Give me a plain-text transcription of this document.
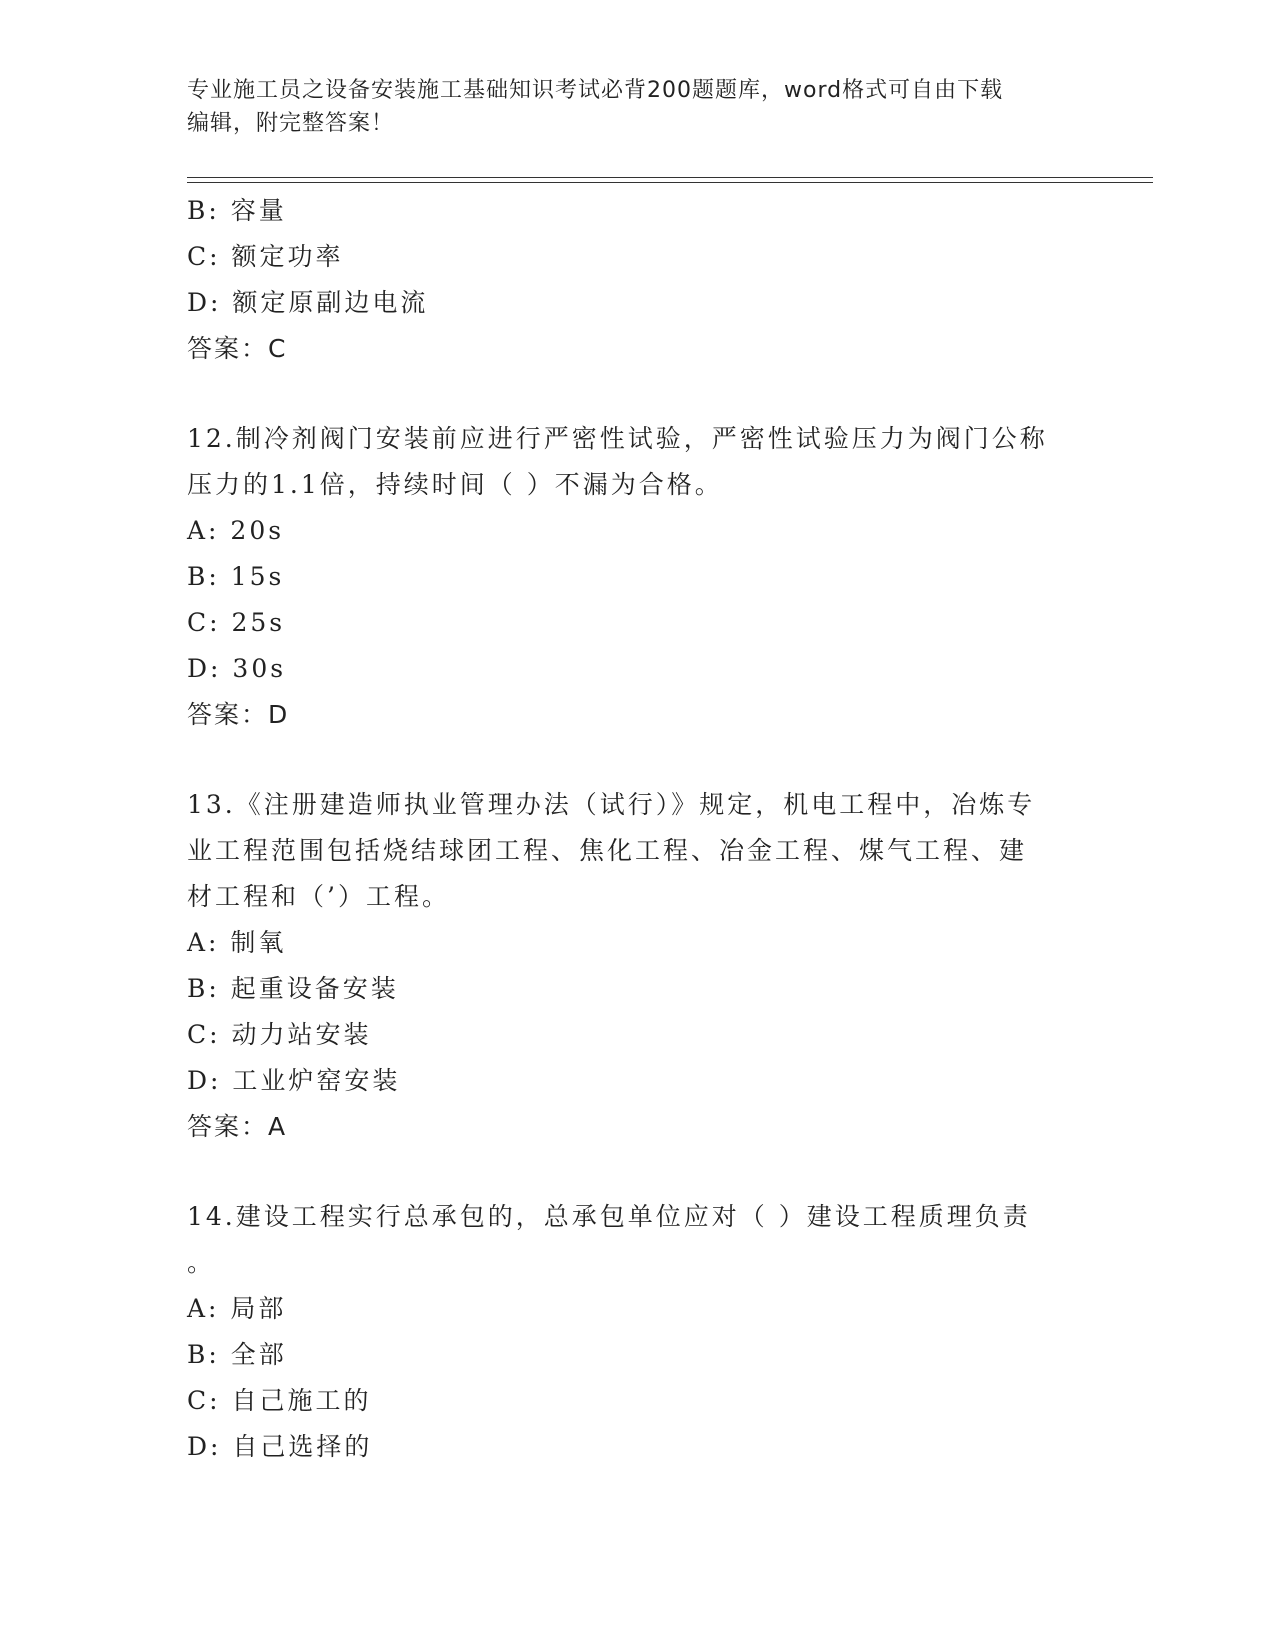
专业施工员之设备安装施工基础知识考试必背200题题库，word格式可自由下载
编辑，附完整答案！
B: 容量
C: 额定功率
D: 额定原副边电流
答案：C
12.制冷剂阀门安装前应进行严密性试验，严密性试验压力为阀门公称
压力的1.1倍，持续时间（ ）不漏为合格。
A: 20s
B: 15s
C: 25s
D: 30s
答案：D
13.《注册建造师执业管理办法（试行）》规定，机电工程中，冶炼专
业工程范围包括烧结球团工程、焦化工程、冶金工程、煤气工程、建
材工程和（’）工程。
A: 制氧
B: 起重设备安装
C: 动力站安装
D: 工业炉窑安装
答案：A
14.建设工程实行总承包的，总承包单位应对（ ）建设工程质理负责
。
A: 局部
B: 全部
C: 自己施工的
D: 自己选择的
